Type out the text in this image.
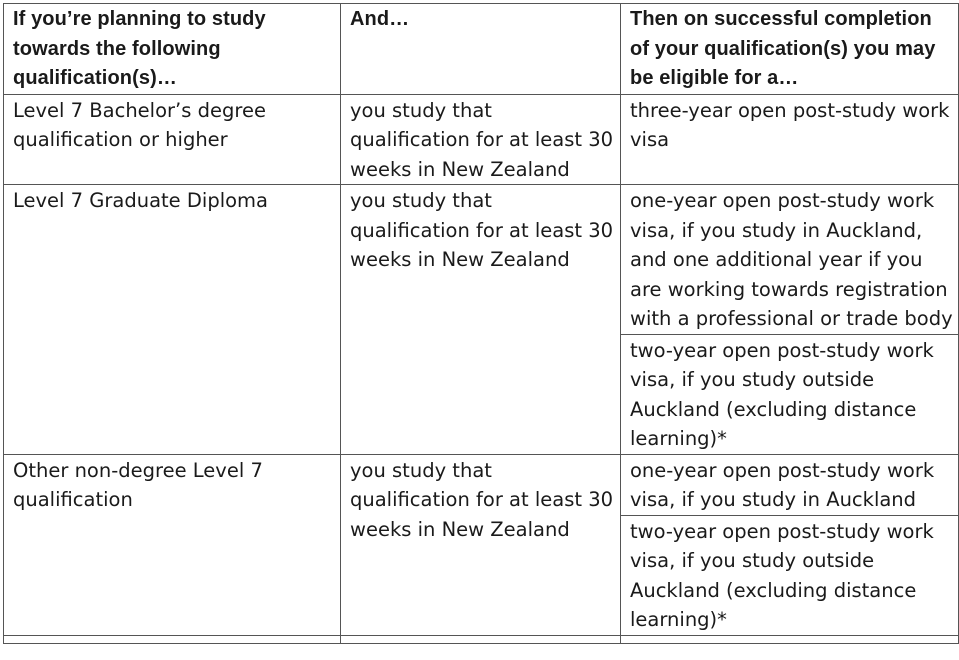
If you’re planning to study towards the following qualification(s)…	And…	Then on successful completion of your qualification(s) you may be eligible for a…
Level 7 Bachelor’s degree qualification or higher	you study that qualification for at least 30 weeks in New Zealand	three-year open post-study work visa
Level 7 Graduate Diploma	you study that qualification for at least 30 weeks in New Zealand	one-year open post-study work visa, if you study in Auckland, and one additional year if you are working towards registration with a professional or trade body
		two-year open post-study work visa, if you study outside Auckland (excluding distance learning)*
Other non-degree Level 7 qualification	you study that qualification for at least 30 weeks in New Zealand	one-year open post-study work visa, if you study in Auckland
		two-year open post-study work visa, if you study outside Auckland (excluding distance learning)*
